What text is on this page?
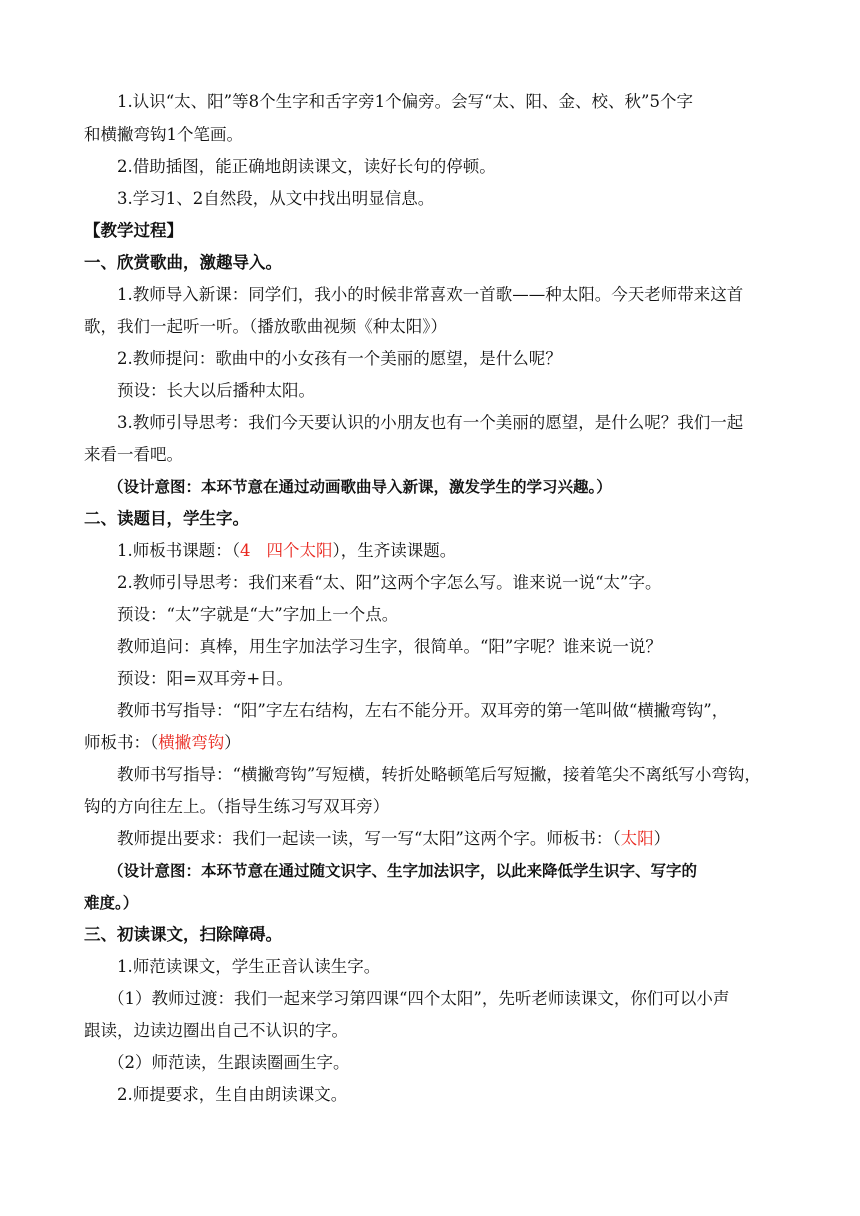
1.认识“太、阳”等8个生字和舌字旁1个偏旁。会写“太、阳、金、校、秋”5个字
和横撇弯钩1个笔画。
2.借助插图，能正确地朗读课文，读好长句的停顿。
3.学习1、2自然段，从文中找出明显信息。
【教学过程】
一、欣赏歌曲，激趣导入。
1.教师导入新课：同学们，我小的时候非常喜欢一首歌——种太阳。今天老师带来这首
歌，我们一起听一听。（播放歌曲视频《种太阳》）
2.教师提问：歌曲中的小女孩有一个美丽的愿望，是什么呢？
预设：长大以后播种太阳。
3.教师引导思考：我们今天要认识的小朋友也有一个美丽的愿望，是什么呢？我们一起
来看一看吧。
（设计意图：本环节意在通过动画歌曲导入新课，激发学生的学习兴趣。）
二、读题目，学生字。
1.师板书课题：（4 四个太阳），生齐读课题。
2.教师引导思考：我们来看“太、阳”这两个字怎么写。谁来说一说“太”字。
预设：“太”字就是“大”字加上一个点。
教师追问：真棒，用生字加法学习生字，很简单。“阳”字呢？谁来说一说？
预设：阳=双耳旁+日。
教师书写指导：“阳”字左右结构，左右不能分开。双耳旁的第一笔叫做“横撇弯钩”，
师板书：（横撇弯钩）
教师书写指导：“横撇弯钩”写短横，转折处略顿笔后写短撇，接着笔尖不离纸写小弯钩，
钩的方向往左上。（指导生练习写双耳旁）
教师提出要求：我们一起读一读，写一写“太阳”这两个字。师板书：（太阳）
（设计意图：本环节意在通过随文识字、生字加法识字，以此来降低学生识字、写字的
难度。）
三、初读课文，扫除障碍。
1.师范读课文，学生正音认读生字。
（1）教师过渡：我们一起来学习第四课“四个太阳”，先听老师读课文，你们可以小声
跟读，边读边圈出自己不认识的字。
（2）师范读，生跟读圈画生字。
2.师提要求，生自由朗读课文。
